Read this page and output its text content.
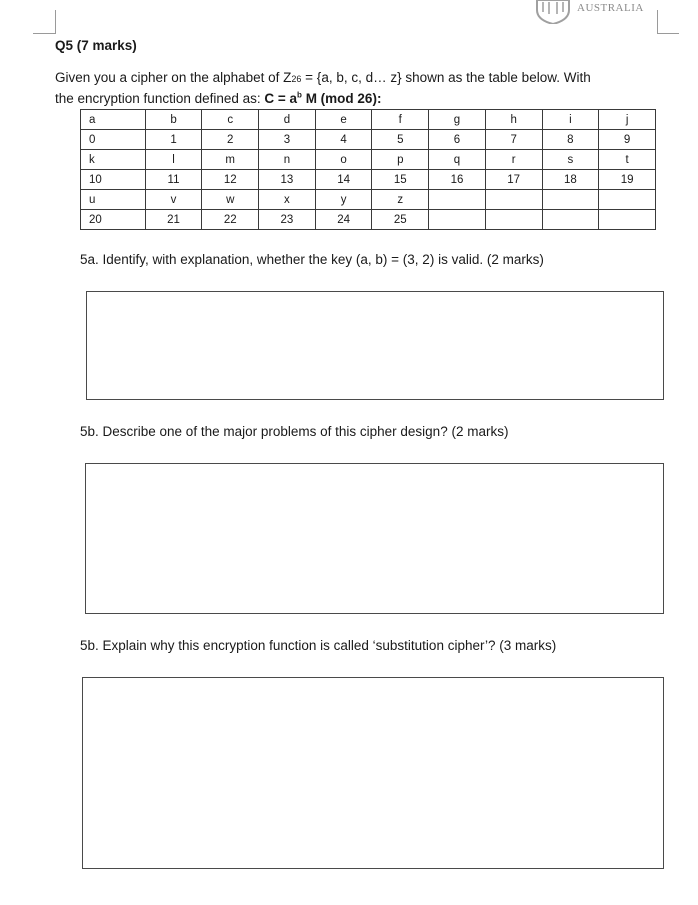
AUSTRALIA
Q5 (7 marks)
Given you a cipher on the alphabet of Z26 = {a, b, c, d… z} shown as the table below. With
the encryption function defined as: $C = a^b$ M (mod 26):
a	b	c	d	e	f	g	h	i	j
0	1	2	3	4	5	6	7	8	9
k	l	m	n	o	p	q	r	s	t
10	11	12	13	14	15	16	17	18	19
u	v	w	x	y	z				
20	21	22	23	24	25				
5a. Identify, with explanation, whether the key (a, b) = (3, 2) is valid. (2 marks)
5b. Describe one of the major problems of this cipher design? (2 marks)
5b. Explain why this encryption function is called ‘substitution cipher’? (3 marks)
